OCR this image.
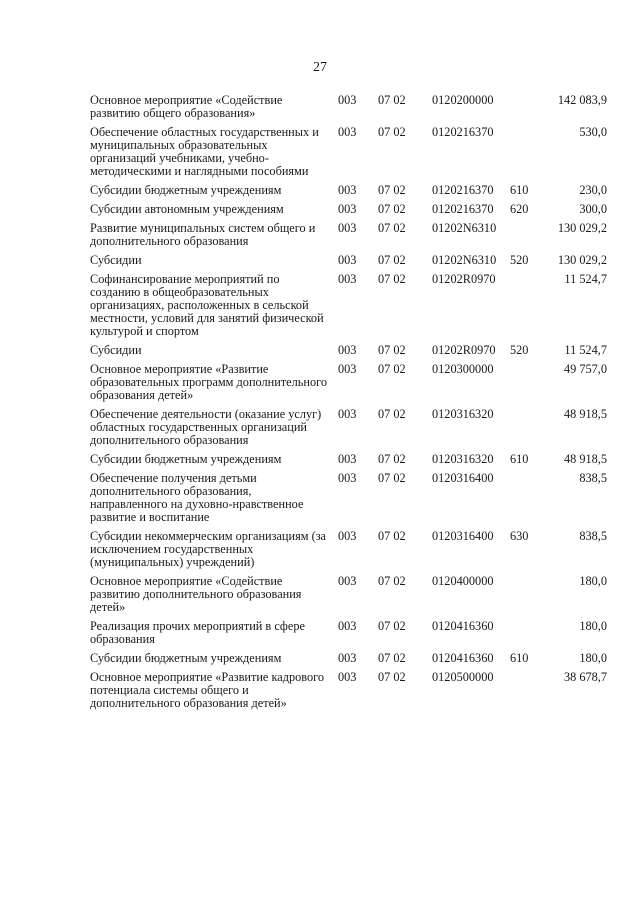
27
Основное мероприятие «Содействие развитию общего образования»	003	07 02	0120200000		142 083,9
Обеспечение областных государственных и муниципальных образовательных организаций учебниками, учебно-методическими и наглядными пособиями	003	07 02	0120216370		530,0
Субсидии бюджетным учреждениям	003	07 02	0120216370	610	230,0
Субсидии автономным учреждениям	003	07 02	0120216370	620	300,0
Развитие муниципальных систем общего и дополнительного образования	003	07 02	01202N6310		130 029,2
Субсидии	003	07 02	01202N6310	520	130 029,2
Софинансирование мероприятий по созданию в общеобразовательных организациях, расположенных в сельской местности, условий для занятий физической культурой и спортом	003	07 02	01202R0970		11 524,7
Субсидии	003	07 02	01202R0970	520	11 524,7
Основное мероприятие «Развитие образовательных программ дополнительного образования детей»	003	07 02	0120300000		49 757,0
Обеспечение деятельности (оказание услуг) областных государственных организаций дополнительного образования	003	07 02	0120316320		48 918,5
Субсидии бюджетным учреждениям	003	07 02	0120316320	610	48 918,5
Обеспечение получения детьми дополнительного образования, направленного на духовно-нравственное развитие и воспитание	003	07 02	0120316400		838,5
Субсидии некоммерческим организациям (за исключением государственных (муниципальных) учреждений)	003	07 02	0120316400	630	838,5
Основное мероприятие «Содействие развитию дополнительного образования детей»	003	07 02	0120400000		180,0
Реализация прочих мероприятий в сфере образования	003	07 02	0120416360		180,0
Субсидии бюджетным учреждениям	003	07 02	0120416360	610	180,0
Основное мероприятие «Развитие кадрового потенциала системы общего и дополнительного образования детей»	003	07 02	0120500000		38 678,7
